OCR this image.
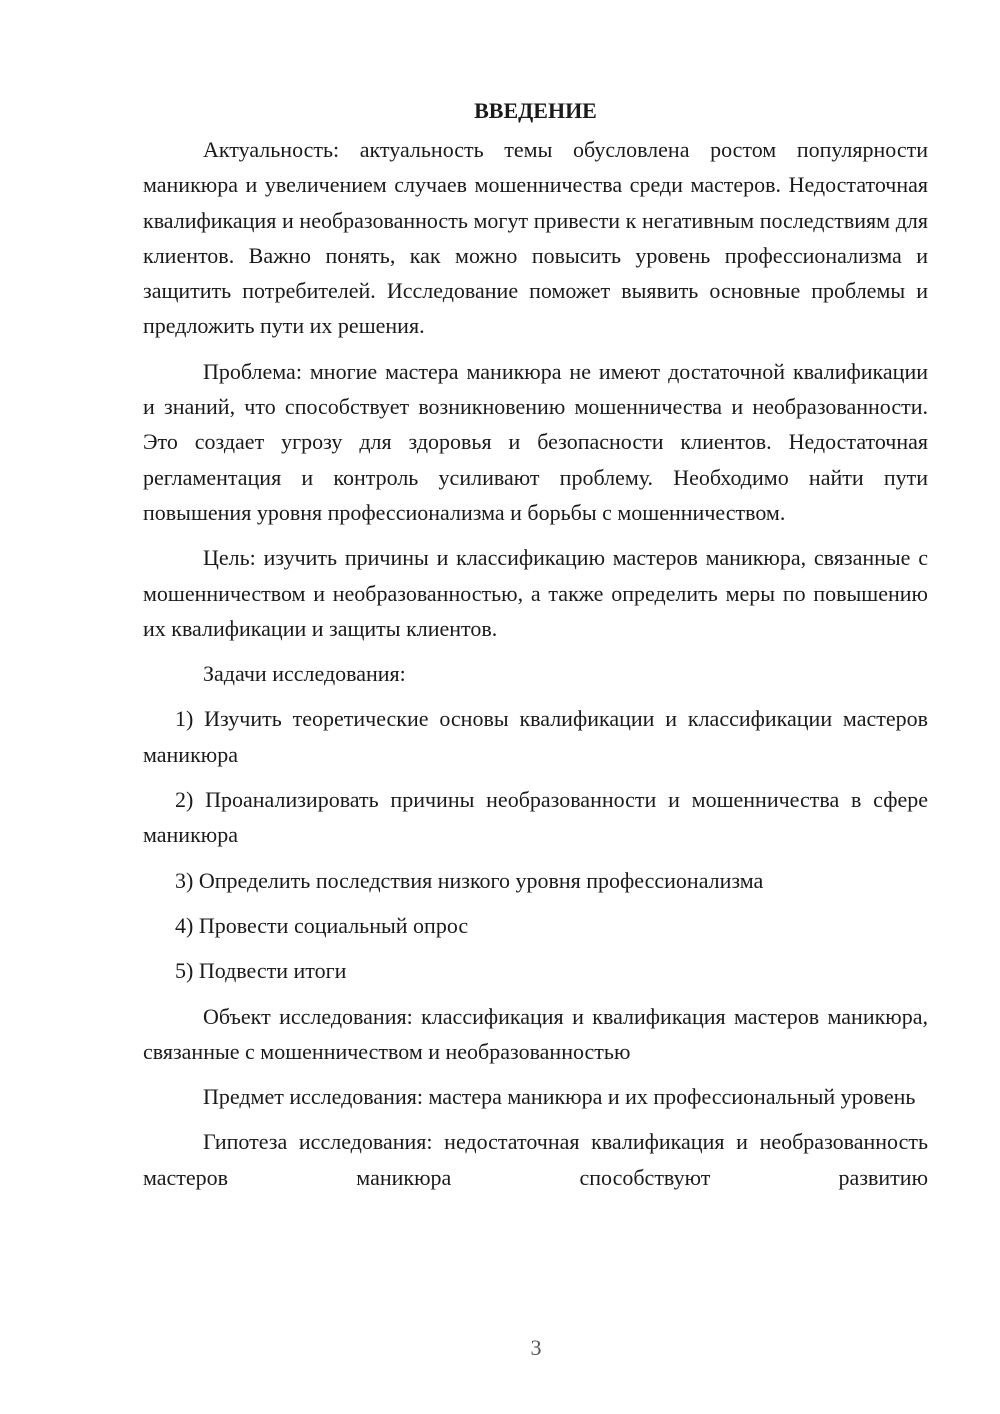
ВВЕДЕНИЕ

Актуальность: актуальность темы обусловлена ростом популярности маникюра и увеличением случаев мошенничества среди мастеров. Недостаточная квалификация и необразованность могут привести к негативным последствиям для клиентов. Важно понять, как можно повысить уровень профессионализма и защитить потребителей. Исследование поможет выявить основные проблемы и предложить пути их решения.

Проблема: многие мастера маникюра не имеют достаточной квалификации и знаний, что способствует возникновению мошенничества и необразованности. Это создает угрозу для здоровья и безопасности клиентов. Недостаточная регламентация и контроль усиливают проблему. Необходимо найти пути повышения уровня профессионализма и борьбы с мошенничеством.

Цель: изучить причины и классификацию мастеров маникюра, связанные с мошенничеством и необразованностью, а также определить меры по повышению их квалификации и защиты клиентов.

Задачи исследования:

1) Изучить теоретические основы квалификации и классификации мастеров маникюра

2) Проанализировать причины необразованности и мошенничества в сфере маникюра

3) Определить последствия низкого уровня профессионализма

4) Провести социальный опрос

5) Подвести итоги

Объект исследования: классификация и квалификация мастеров маникюра, связанные с мошенничеством и необразованностью

Предмет исследования: мастера маникюра и их профессиональный уровень

Гипотеза исследования: недостаточная квалификация и необразованность мастеров маникюра способствуют развитию

3
